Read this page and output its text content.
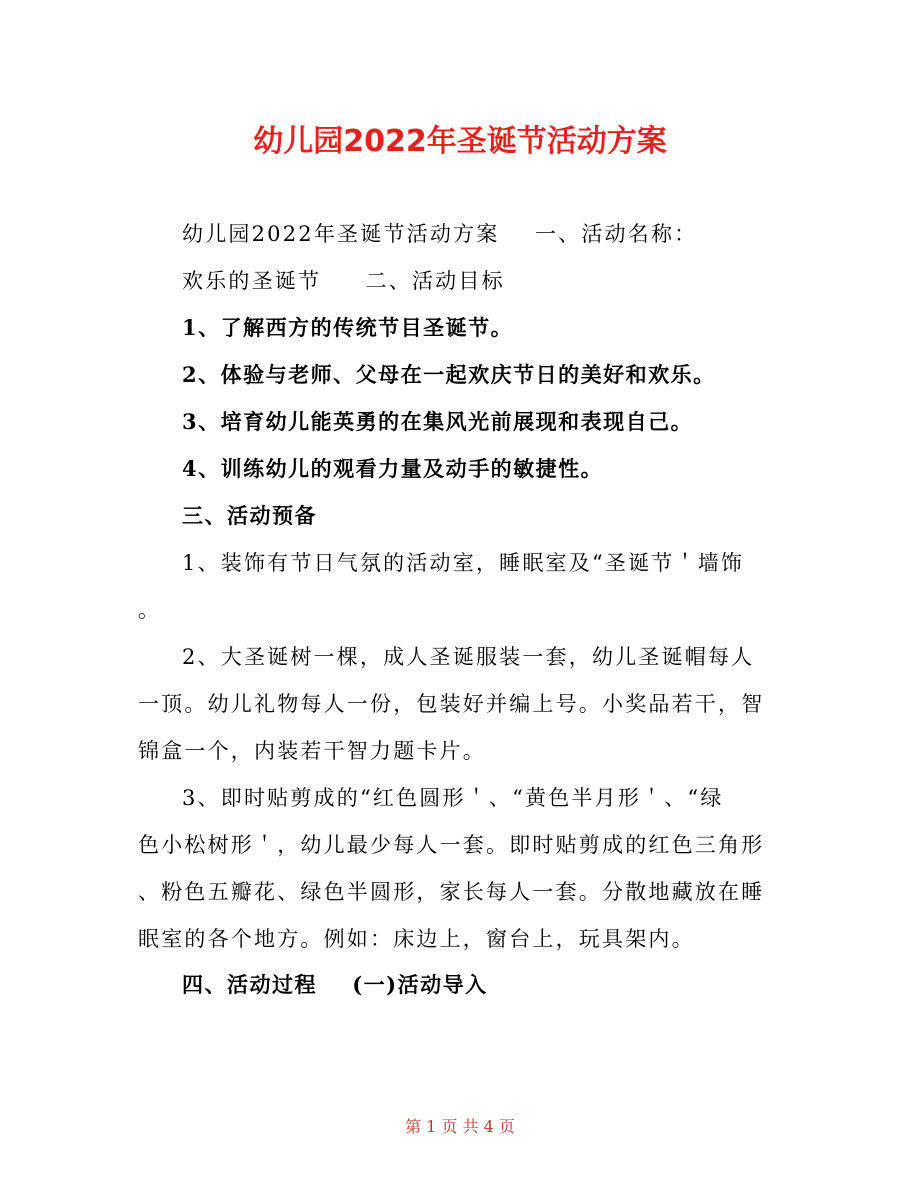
幼儿园2022年圣诞节活动方案
幼儿园2022年圣诞节活动方案    一、活动名称：
欢乐的圣诞节     二、活动目标
1、了解西方的传统节目圣诞节。
2、体验与老师、父母在一起欢庆节日的美好和欢乐。
3、培育幼儿能英勇的在集风光前展现和表现自己。
4、训练幼儿的观看力量及动手的敏捷性。
三、活动预备
1、装饰有节日气氛的活动室，睡眠室及“圣诞节＇墙饰
。
2、大圣诞树一棵，成人圣诞服装一套，幼儿圣诞帽每人
一顶。幼儿礼物每人一份，包装好并编上号。小奖品若干，智
锦盒一个，内装若干智力题卡片。
3、即时贴剪成的“红色圆形＇、“黄色半月形＇、“绿
色小松树形＇，幼儿最少每人一套。即时贴剪成的红色三角形
、粉色五瓣花、绿色半圆形，家长每人一套。分散地藏放在睡
眠室的各个地方。例如：床边上，窗台上，玩具架内。
四、活动过程    (一)活动导入
第 1 页 共 4 页
